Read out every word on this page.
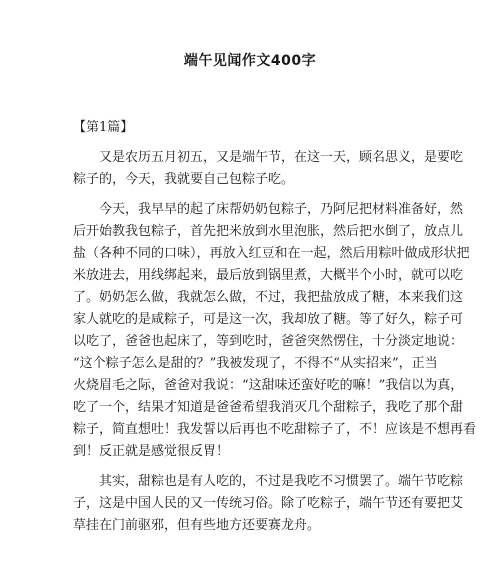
端午见闻作文400字
【第1篇】
　　又是农历五月初五，又是端午节，在这一天，顾名思义，是要吃
粽子的，今天，我就要自己包粽子吃。
　　今天，我早早的起了床帮奶奶包粽子，乃阿尼把材料准备好，然
后开始教我包粽子，首先把米放到水里泡胀，然后把水倒了，放点儿
盐（各种不同的口味），再放入红豆和在一起，然后用粽叶做成形状把
米放进去，用线绑起来，最后放到锅里煮，大概半个小时，就可以吃
了。奶奶怎么做，我就怎么做，不过，我把盐放成了糖，本来我们这
家人就吃的是咸粽子，可是这一次，我却放了糖。等了好久，粽子可
以吃了，爸爸也起床了，等到吃时，爸爸突然愣住，十分淡定地说：
“这个粽子怎么是甜的？”我被发现了，不得不“从实招来”，正当
火烧眉毛之际，爸爸对我说：“这甜味还蛮好吃的嘛！”我信以为真，
吃了一个，结果才知道是爸爸希望我消灭几个甜粽子，我吃了那个甜
粽子，简直想吐！我发誓以后再也不吃甜粽子了，不！应该是不想再看
到！反正就是感觉很反胃！
　　其实，甜粽也是有人吃的，不过是我吃不习惯罢了。端午节吃粽
子，这是中国人民的又一传统习俗。除了吃粽子，端午节还有要把艾
草挂在门前驱邪，但有些地方还要赛龙舟。
